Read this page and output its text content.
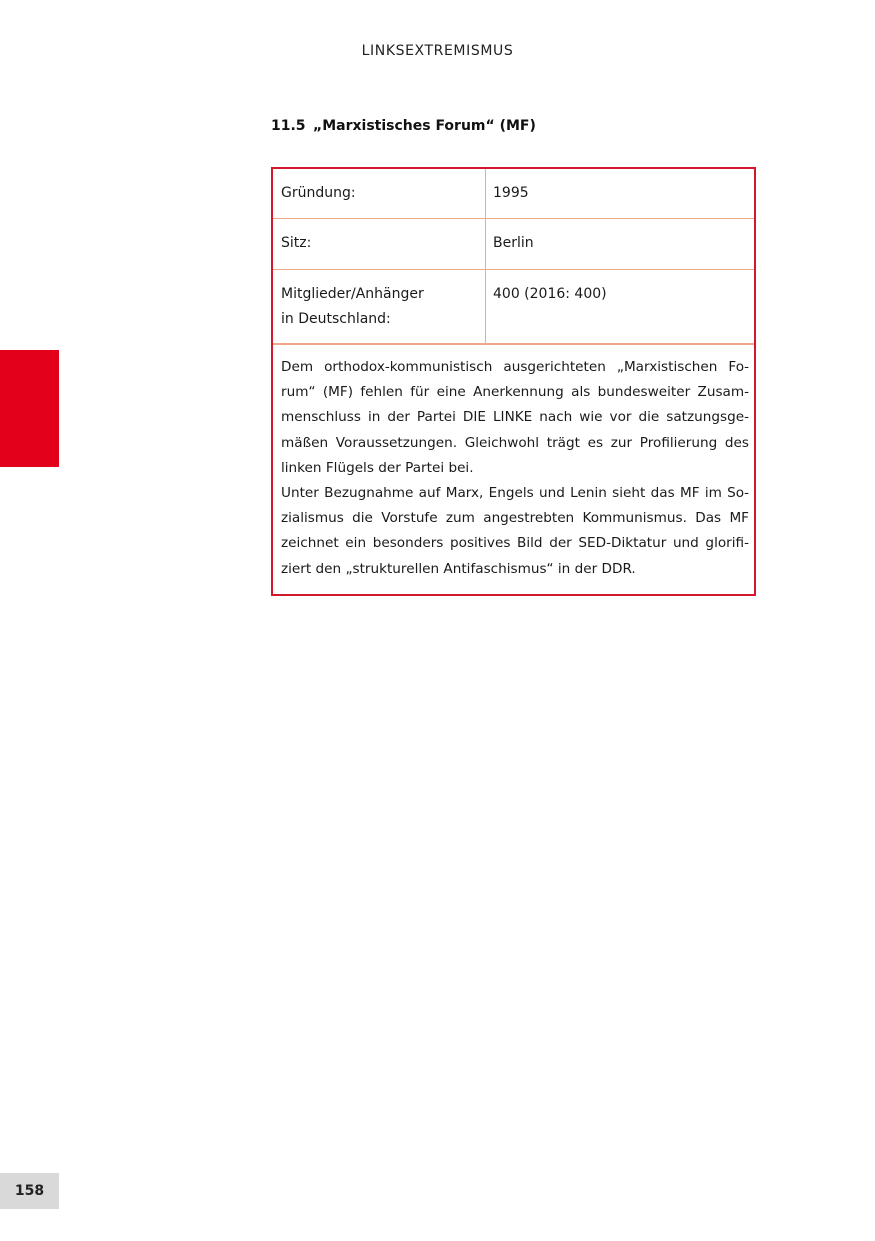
LINKSEXTREMISMUS
11.5 „Marxistisches Forum“ (MF)
Gründung:	1995
Sitz:	Berlin
Mitglieder/Anhänger
in Deutschland:
400 (2016: 400)

Dem orthodox-kommunistisch ausgerichteten „Marxistischen Forum“ (MF) fehlen für eine Anerkennung als bundesweiter Zusammenschluss in der Partei DIE LINKE nach wie vor die satzungsgemäßen Voraussetzungen. Gleichwohl trägt es zur Profilierung des linken Flügels der Partei bei.

Unter Bezugnahme auf Marx, Engels und Lenin sieht das MF im Sozialismus die Vorstufe zum angestrebten Kommunismus. Das MF zeichnet ein besonders positives Bild der SED-Diktatur und glorifiziert den „strukturellen Antifaschismus“ in der DDR.

158
